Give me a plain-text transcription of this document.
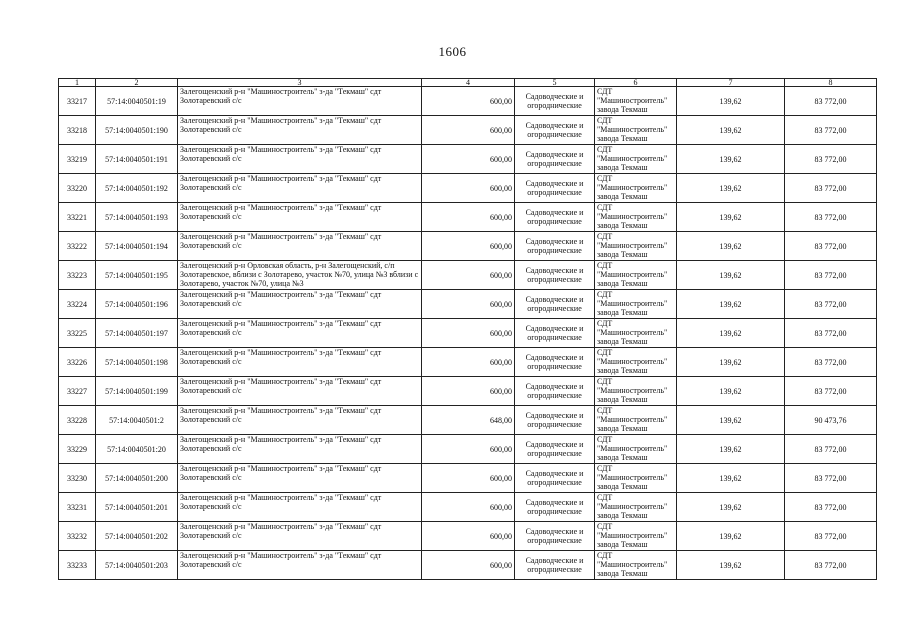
1606
1	2	3	4	5	6	7	8
33217	57:14:0040501:19	Залегощенский р-н "Машиностроитель" з-да "Текмаш" сдт Золотаревский с/с	600,00	Садоводческие и
огороднические	СДТ
"Машиностроитель"
завода Текмаш	139,62	83 772,00
33218	57:14:0040501:190	Залегощенский р-н "Машиностроитель" з-да "Текмаш" сдт Золотаревский с/с	600,00	Садоводческие и
огороднические	СДТ
"Машиностроитель"
завода Текмаш	139,62	83 772,00
33219	57:14:0040501:191	Залегощенский р-н "Машиностроитель" з-да "Текмаш" сдт Золотаревский с/с	600,00	Садоводческие и
огороднические	СДТ
"Машиностроитель"
завода Текмаш	139,62	83 772,00
33220	57:14:0040501:192	Залегощенский р-н "Машиностроитель" з-да "Текмаш" сдт Золотаревский с/с	600,00	Садоводческие и
огороднические	СДТ
"Машиностроитель"
завода Текмаш	139,62	83 772,00
33221	57:14:0040501:193	Залегощенский р-н "Машиностроитель" з-да "Текмаш" сдт Золотаревский с/с	600,00	Садоводческие и
огороднические	СДТ
"Машиностроитель"
завода Текмаш	139,62	83 772,00
33222	57:14:0040501:194	Залегощенский р-н "Машиностроитель" з-да "Текмаш" сдт Золотаревский с/с	600,00	Садоводческие и
огороднические	СДТ
"Машиностроитель"
завода Текмаш	139,62	83 772,00
33223	57:14:0040501:195	Залегощенский р-н Орловская область, р-н Залегощенский, с/п Золотаревское, вблизи с Золотарево, участок №70, улица №3 вблизи с Золотарево, участок №70, улица №3	600,00	Садоводческие и
огороднические	СДТ
"Машиностроитель"
завода Текмаш	139,62	83 772,00
33224	57:14:0040501:196	Залегощенский р-н "Машиностроитель" з-да "Текмаш" сдт Золотаревский с/с	600,00	Садоводческие и
огороднические	СДТ
"Машиностроитель"
завода Текмаш	139,62	83 772,00
33225	57:14:0040501:197	Залегощенский р-н "Машиностроитель" з-да "Текмаш" сдт Золотаревский с/с	600,00	Садоводческие и
огороднические	СДТ
"Машиностроитель"
завода Текмаш	139,62	83 772,00
33226	57:14:0040501:198	Залегощенский р-н "Машиностроитель" з-да "Текмаш" сдт Золотаревский с/с	600,00	Садоводческие и
огороднические	СДТ
"Машиностроитель"
завода Текмаш	139,62	83 772,00
33227	57:14:0040501:199	Залегощенский р-н "Машиностроитель" з-да "Текмаш" сдт Золотаревский с/с	600,00	Садоводческие и
огороднические	СДТ
"Машиностроитель"
завода Текмаш	139,62	83 772,00
33228	57:14:0040501:2	Залегощенский р-н "Машиностроитель" з-да "Текмаш" сдт Золотаревский с/с	648,00	Садоводческие и
огороднические	СДТ
"Машиностроитель"
завода Текмаш	139,62	90 473,76
33229	57:14:0040501:20	Залегощенский р-н "Машиностроитель" з-да "Текмаш" сдт Золотаревский с/с	600,00	Садоводческие и
огороднические	СДТ
"Машиностроитель"
завода Текмаш	139,62	83 772,00
33230	57:14:0040501:200	Залегощенский р-н "Машиностроитель" з-да "Текмаш" сдт Золотаревский с/с	600,00	Садоводческие и
огороднические	СДТ
"Машиностроитель"
завода Текмаш	139,62	83 772,00
33231	57:14:0040501:201	Залегощенский р-н "Машиностроитель" з-да "Текмаш" сдт Золотаревский с/с	600,00	Садоводческие и
огороднические	СДТ
"Машиностроитель"
завода Текмаш	139,62	83 772,00
33232	57:14:0040501:202	Залегощенский р-н "Машиностроитель" з-да "Текмаш" сдт Золотаревский с/с	600,00	Садоводческие и
огороднические	СДТ
"Машиностроитель"
завода Текмаш	139,62	83 772,00
33233	57:14:0040501:203	Залегощенский р-н "Машиностроитель" з-да "Текмаш" сдт Золотаревский с/с	600,00	Садоводческие и
огороднические	СДТ
"Машиностроитель"
завода Текмаш	139,62	83 772,00
